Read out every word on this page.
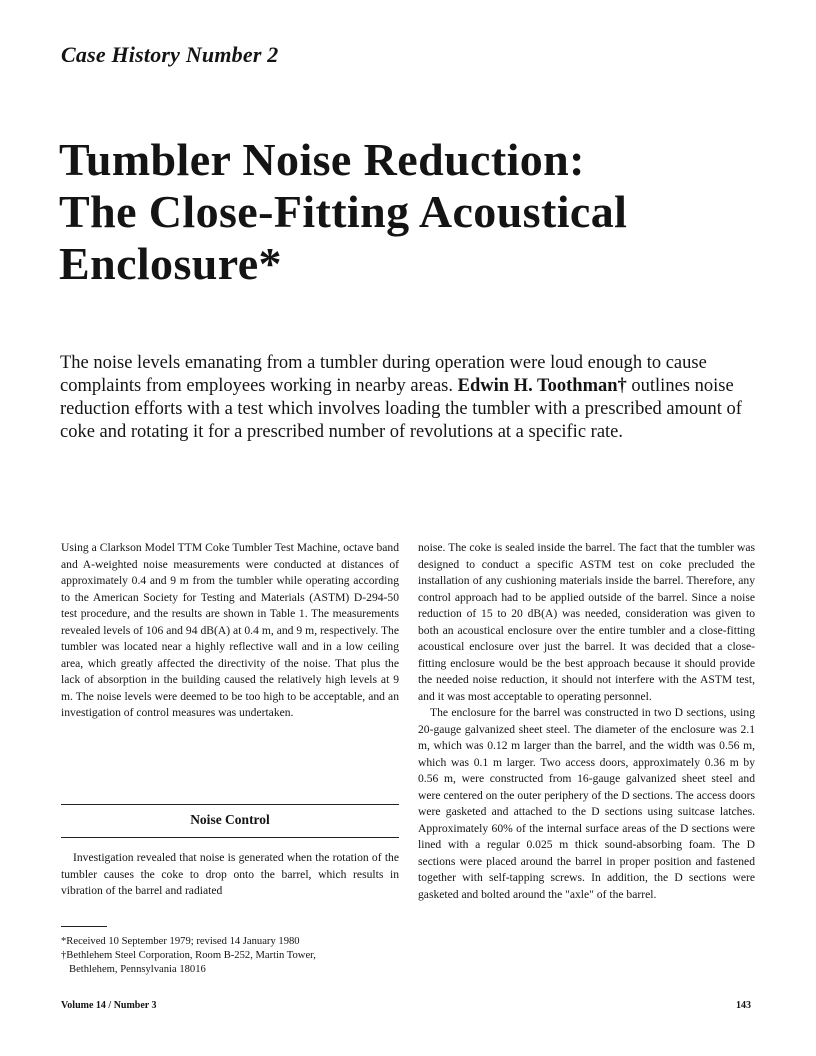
Case History Number 2
Tumbler Noise Reduction:
The Close-Fitting Acoustical
Enclosure*

The noise levels emanating from a tumbler during operation were loud enough to cause complaints from employees working in nearby areas. Edwin H. Toothman† outlines noise reduction efforts with a test which involves loading the tumbler with a prescribed amount of coke and rotating it for a prescribed number of revolutions at a specific rate.

Using a Clarkson Model TTM Coke Tumbler Test Machine, octave band and A-weighted noise measurements were conducted at distances of approximately 0.4 and 9 m from the tumbler while operating according to the American Society for Testing and Materials (ASTM) D-294-50 test procedure, and the results are shown in Table 1. The measurements revealed levels of 106 and 94 dB(A) at 0.4 m, and 9 m, respectively. The tumbler was located near a highly reflective wall and in a low ceiling area, which greatly affected the directivity of the noise. That plus the lack of absorption in the building caused the relatively high levels at 9 m. The noise levels were deemed to be too high to be acceptable, and an investigation of control measures was undertaken.

Noise Control

Investigation revealed that noise is generated when the rotation of the tumbler causes the coke to drop onto the barrel, which results in vibration of the barrel and radiated

*Received 10 September 1979; revised 14 January 1980

†Bethlehem Steel Corporation, Room B-252, Martin Tower,

Bethlehem, Pennsylvania 18016

noise. The coke is sealed inside the barrel. The fact that the tumbler was designed to conduct a specific ASTM test on coke precluded the installation of any cushioning materials inside the barrel. Therefore, any control approach had to be applied outside of the barrel. Since a noise reduction of 15 to 20 dB(A) was needed, consideration was given to both an acoustical enclosure over the entire tumbler and a close-fitting acoustical enclosure over just the barrel. It was decided that a close-fitting enclosure would be the best approach because it should provide the needed noise reduction, it should not interfere with the ASTM test, and it was most acceptable to operating personnel.

The enclosure for the barrel was constructed in two D sections, using 20-gauge galvanized sheet steel. The diameter of the enclosure was 2.1 m, which was 0.12 m larger than the barrel, and the width was 0.56 m, which was 0.1 m larger. Two access doors, approximately 0.36 m by 0.56 m, were constructed from 16-gauge galvanized sheet steel and were centered on the outer periphery of the D sections. The access doors were gasketed and attached to the D sections using suitcase latches. Approximately 60% of the internal surface areas of the D sections were lined with a regular 0.025 m thick sound-absorbing foam. The D sections were placed around the barrel in proper position and fastened together with self-tapping screws. In addition, the D sections were gasketed and bolted around the "axle" of the barrel.

Volume 14 / Number 3	143
